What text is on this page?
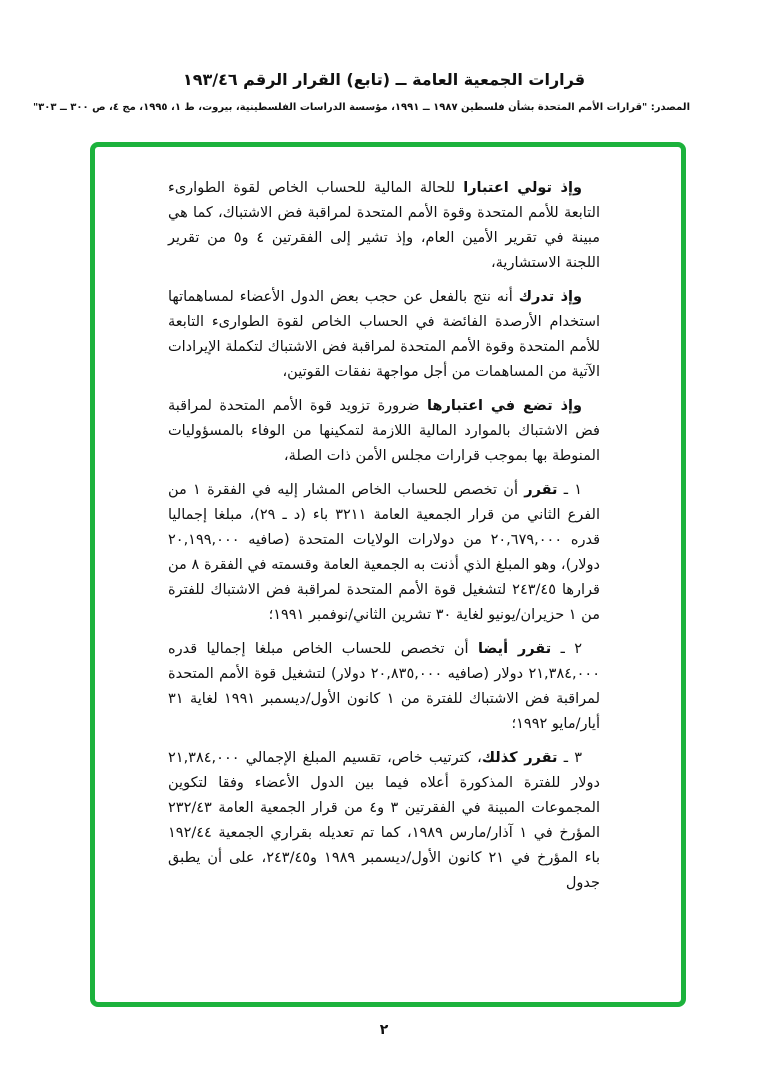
قرارات الجمعية العامة ــ (تابع) القرار الرقم ١٩٣/٤٦
المصدر: "قرارات الأمم المتحدة بشأن فلسطين ١٩٨٧ ــ ١٩٩١، مؤسسة الدراسات الفلسطينية، بيروت، ط ١، ١٩٩٥، مج ٤، ص ٣٠٠ ــ ٣٠٣"

وإذ تولي اعتبارا للحالة المالية للحساب الخاص لقوة الطوارىء التابعة للأمم المتحدة وقوة الأمم المتحدة لمراقبة فض الاشتباك، كما هي مبينة في تقرير الأمين العام، وإذ تشير إلى الفقرتين ٤ و٥ من تقرير اللجنة الاستشارية،

وإذ تدرك أنه نتج بالفعل عن حجب بعض الدول الأعضاء لمساهماتها استخدام الأرصدة الفائضة في الحساب الخاص لقوة الطوارىء التابعة للأمم المتحدة وقوة الأمم المتحدة لمراقبة فض الاشتباك لتكملة الإيرادات الآتية من المساهمات من أجل مواجهة نفقات القوتين،

وإذ تضع في اعتبارها ضرورة تزويد قوة الأمم المتحدة لمراقبة فض الاشتباك بالموارد المالية اللازمة لتمكينها من الوفاء بالمسؤوليات المنوطة بها بموجب قرارات مجلس الأمن ذات الصلة،

١ ـ تقرر أن تخصص للحساب الخاص المشار إليه في الفقرة ١ من الفرع الثاني من قرار الجمعية العامة ٣٢١١ باء (د ـ ٢٩)، مبلغا إجماليا قدره ٢٠,٦٧٩,٠٠٠ من دولارات الولايات المتحدة (صافيه ٢٠,١٩٩,٠٠٠ دولار)، وهو المبلغ الذي أذنت به الجمعية العامة وقسمته في الفقرة ٨ من قرارها ٢٤٣/٤٥ لتشغيل قوة الأمم المتحدة لمراقبة فض الاشتباك للفترة من ١ حزيران/يونيو لغاية ٣٠ تشرين الثاني/نوفمبر ١٩٩١؛

٢ ـ تقرر أيضا أن تخصص للحساب الخاص مبلغا إجماليا قدره ٢١,٣٨٤,٠٠٠ دولار (صافيه ٢٠,٨٣٥,٠٠٠ دولار) لتشغيل قوة الأمم المتحدة لمراقبة فض الاشتباك للفترة من ١ كانون الأول/ديسمبر ١٩٩١ لغاية ٣١ أيار/مايو ١٩٩٢؛

٣ ـ تقرر كذلك، كترتيب خاص، تقسيم المبلغ الإجمالي ٢١,٣٨٤,٠٠٠ دولار للفترة المذكورة أعلاه فيما بين الدول الأعضاء وفقا لتكوين المجموعات المبينة في الفقرتين ٣ و٤ من قرار الجمعية العامة ٢٣٢/٤٣ المؤرخ في ١ آذار/مارس ١٩٨٩، كما تم تعديله بقراري الجمعية ١٩٢/٤٤ باء المؤرخ في ٢١ كانون الأول/ديسمبر ١٩٨٩ و٢٤٣/٤٥، على أن يطبق جدول

٢
